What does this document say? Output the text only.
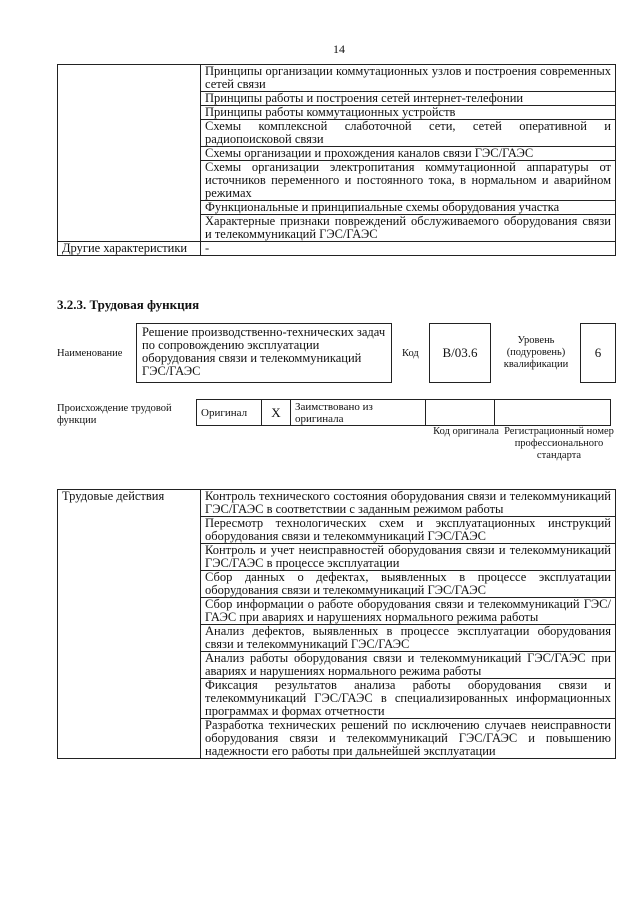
14
	Принципы организации коммутационных узлов и построения современных сетей связи
	Принципы работы и построения сетей интернет-телефонии
	Принципы работы коммутационных устройств
	Схемы комплексной слаботочной сети, сетей оперативной и радиопоисковой связи
	Схемы организации и прохождения каналов связи ГЭС/ГАЭС
	Схемы организации электропитания коммутационной аппаратуры от источников переменного и постоянного тока, в нормальном и аварийном режимах
	Функциональные и принципиальные схемы оборудования участка
	Характерные признаки повреждений обслуживаемого оборудования связи и телекоммуникаций ГЭС/ГАЭС
Другие характеристики	-
3.2.3. Трудовая функция
Наименование
Решение производственно-технических задач по сопровождению эксплуатации оборудования связи и телекоммуникаций ГЭС/ГАЭС
Код	B/03.6
Уровень (подуровень) квалификации
6
Происхождение трудовой функции
Оригинал	X	Заимствовано из оригинала		
Код оригинала Регистрационный номер профессионального стандарта
Трудовые действия	Контроль технического состояния оборудования связи и телекоммуникаций ГЭС/ГАЭС в соответствии с заданным режимом работы
Пересмотр технологических схем и эксплуатационных инструкций оборудования связи и телекоммуникаций ГЭС/ГАЭС
Контроль и учет неисправностей оборудования связи и телекоммуникаций ГЭС/ГАЭС в процессе эксплуатации
Сбор данных о дефектах, выявленных в процессе эксплуатации оборудования связи и телекоммуникаций ГЭС/ГАЭС
Сбор информации о работе оборудования связи и телекоммуникаций ГЭС/ГАЭС при авариях и нарушениях нормального режима работы
Анализ дефектов, выявленных в процессе эксплуатации оборудования связи и телекоммуникаций ГЭС/ГАЭС
Анализ работы оборудования связи и телекоммуникаций ГЭС/ГАЭС при авариях и нарушениях нормального режима работы
Фиксация результатов анализа работы оборудования связи и телекоммуникаций ГЭС/ГАЭС в специализированных информационных программах и формах отчетности
Разработка технических решений по исключению случаев неисправности оборудования связи и телекоммуникаций ГЭС/ГАЭС и повышению надежности его работы при дальнейшей эксплуатации
